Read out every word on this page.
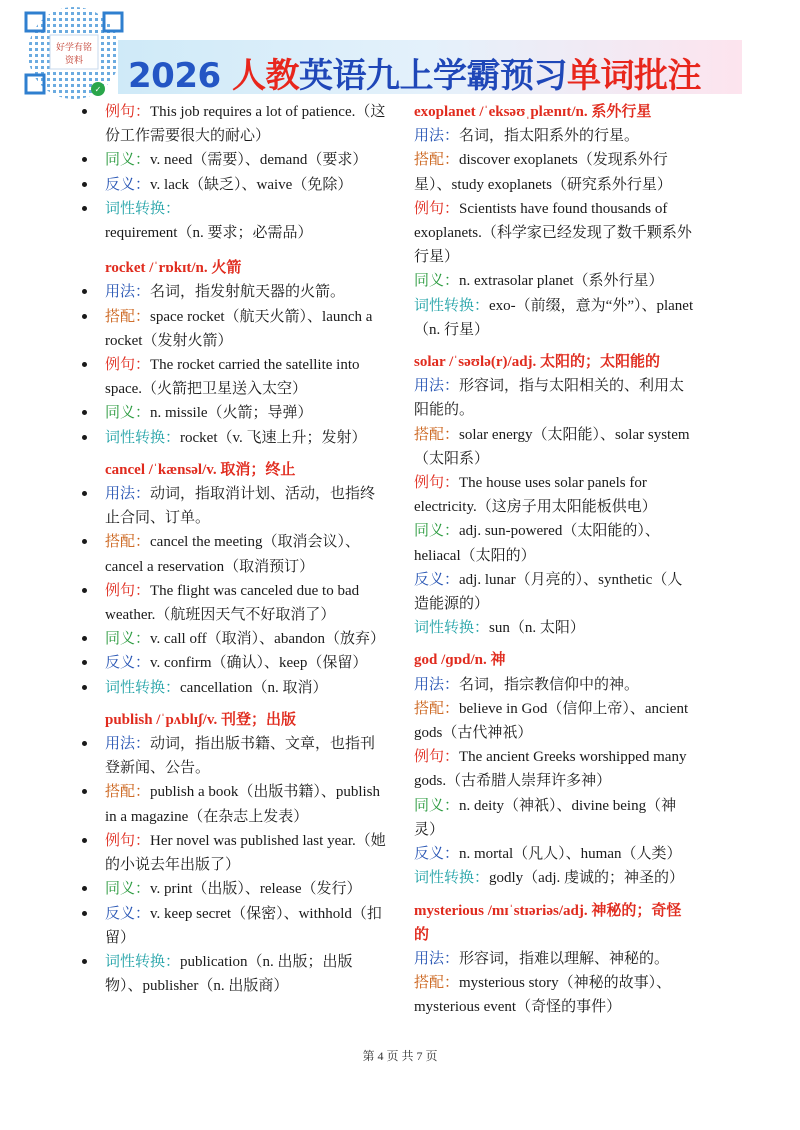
好学有铭
资料
✓ 2026 人教英语九上学霸预习单词批注

例句：This job requires a lot of patience.（这份工作需要很大的耐心）

同义：v. need（需要）、demand（要求）

反义：v. lack（缺乏）、waive（免除）

词性转换：requirement（n. 要求；必需品）

rocket /ˈrɒkɪt/n. 火箭

用法：名词，指发射航天器的火箭。

搭配：space rocket（航天火箭）、launch a rocket（发射火箭）

例句：The rocket carried the satellite into space.（火箭把卫星送入太空）

同义：n. missile（火箭；导弹）

词性转换：rocket（v. 飞速上升；发射）

cancel /ˈkænsəl/v. 取消；终止

用法：动词，指取消计划、活动，也指终止合同、订单。

搭配：cancel the meeting（取消会议）、cancel a reservation（取消预订）

例句：The flight was canceled due to bad weather.（航班因天气不好取消了）

同义：v. call off（取消）、abandon（放弃）

反义：v. confirm（确认）、keep（保留）

词性转换：cancellation（n. 取消）

publish /ˈpʌblɪʃ/v. 刊登；出版

用法：动词，指出版书籍、文章，也指刊登新闻、公告。

搭配：publish a book（出版书籍）、publish in a magazine（在杂志上发表）

例句：Her novel was published last year.（她的小说去年出版了）

同义：v. print（出版）、release（发行）

反义：v. keep secret（保密）、withhold（扣留）

词性转换：publication（n. 出版；出版物）、publisher（n. 出版商）

exoplanet /ˈeksəʊˌplænɪt/n. 系外行星

用法：名词，指太阳系外的行星。

搭配：discover exoplanets（发现系外行星）、study exoplanets（研究系外行星）

例句：Scientists have found thousands of exoplanets.（科学家已经发现了数千颗系外行星）

同义：n. extrasolar planet（系外行星）

词性转换：exo-（前缀，意为“外”）、planet（n. 行星）

solar /ˈsəʊlə(r)/adj. 太阳的；太阳能的

用法：形容词，指与太阳相关的、利用太阳能的。

搭配：solar energy（太阳能）、solar system（太阳系）

例句：The house uses solar panels for electricity.（这房子用太阳能板供电）

同义：adj. sun-powered（太阳能的）、heliacal（太阳的）

反义：adj. lunar（月亮的）、synthetic（人造能源的）

词性转换：sun（n. 太阳）

god /ɡɒd/n. 神

用法：名词，指宗教信仰中的神。

搭配：believe in God（信仰上帝）、ancient gods（古代神祇）

例句：The ancient Greeks worshipped many gods.（古希腊人崇拜许多神）

同义：n. deity（神祇）、divine being（神灵）

反义：n. mortal（凡人）、human（人类）

词性转换：godly（adj. 虔诚的；神圣的）

mysterious /mɪˈstɪəriəs/adj. 神秘的；奇怪的

用法：形容词，指难以理解、神秘的。

搭配：mysterious story（神秘的故事）、mysterious event（奇怪的事件）

第 4 页 共 7 页
